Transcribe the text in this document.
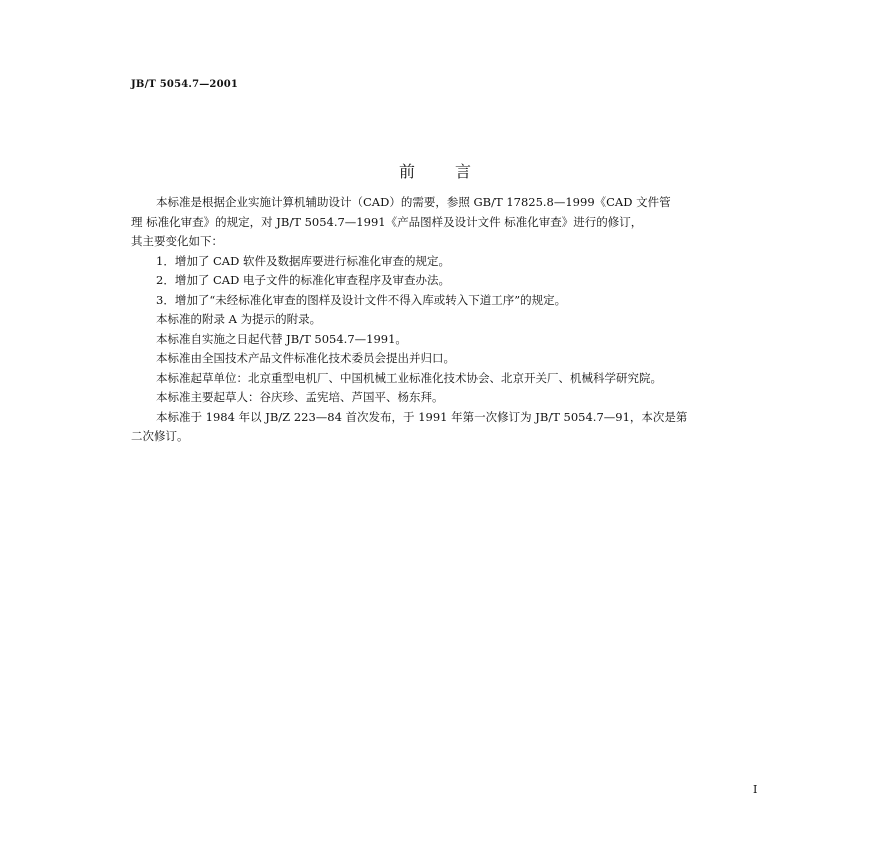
JB/T 5054.7—2001
前言

本标准是根据企业实施计算机辅助设计（CAD）的需要，参照 GB/T 17825.8—1999《CAD 文件管

理 标准化审查》的规定，对 JB/T 5054.7—1991《产品图样及设计文件 标准化审查》进行的修订，

其主要变化如下：

1．增加了 CAD 软件及数据库要进行标准化审查的规定。

2．增加了 CAD 电子文件的标准化审查程序及审查办法。

3．增加了“未经标准化审查的图样及设计文件不得入库或转入下道工序”的规定。

本标准的附录 A 为提示的附录。

本标准自实施之日起代替 JB/T 5054.7—1991。

本标准由全国技术产品文件标准化技术委员会提出并归口。

本标准起草单位：北京重型电机厂、中国机械工业标准化技术协会、北京开关厂、机械科学研究院。

本标准主要起草人：谷庆珍、孟宪培、芦国平、杨东拜。

本标准于 1984 年以 JB/Z 223—84 首次发布，于 1991 年第一次修订为 JB/T 5054.7—91，本次是第

二次修订。

I
